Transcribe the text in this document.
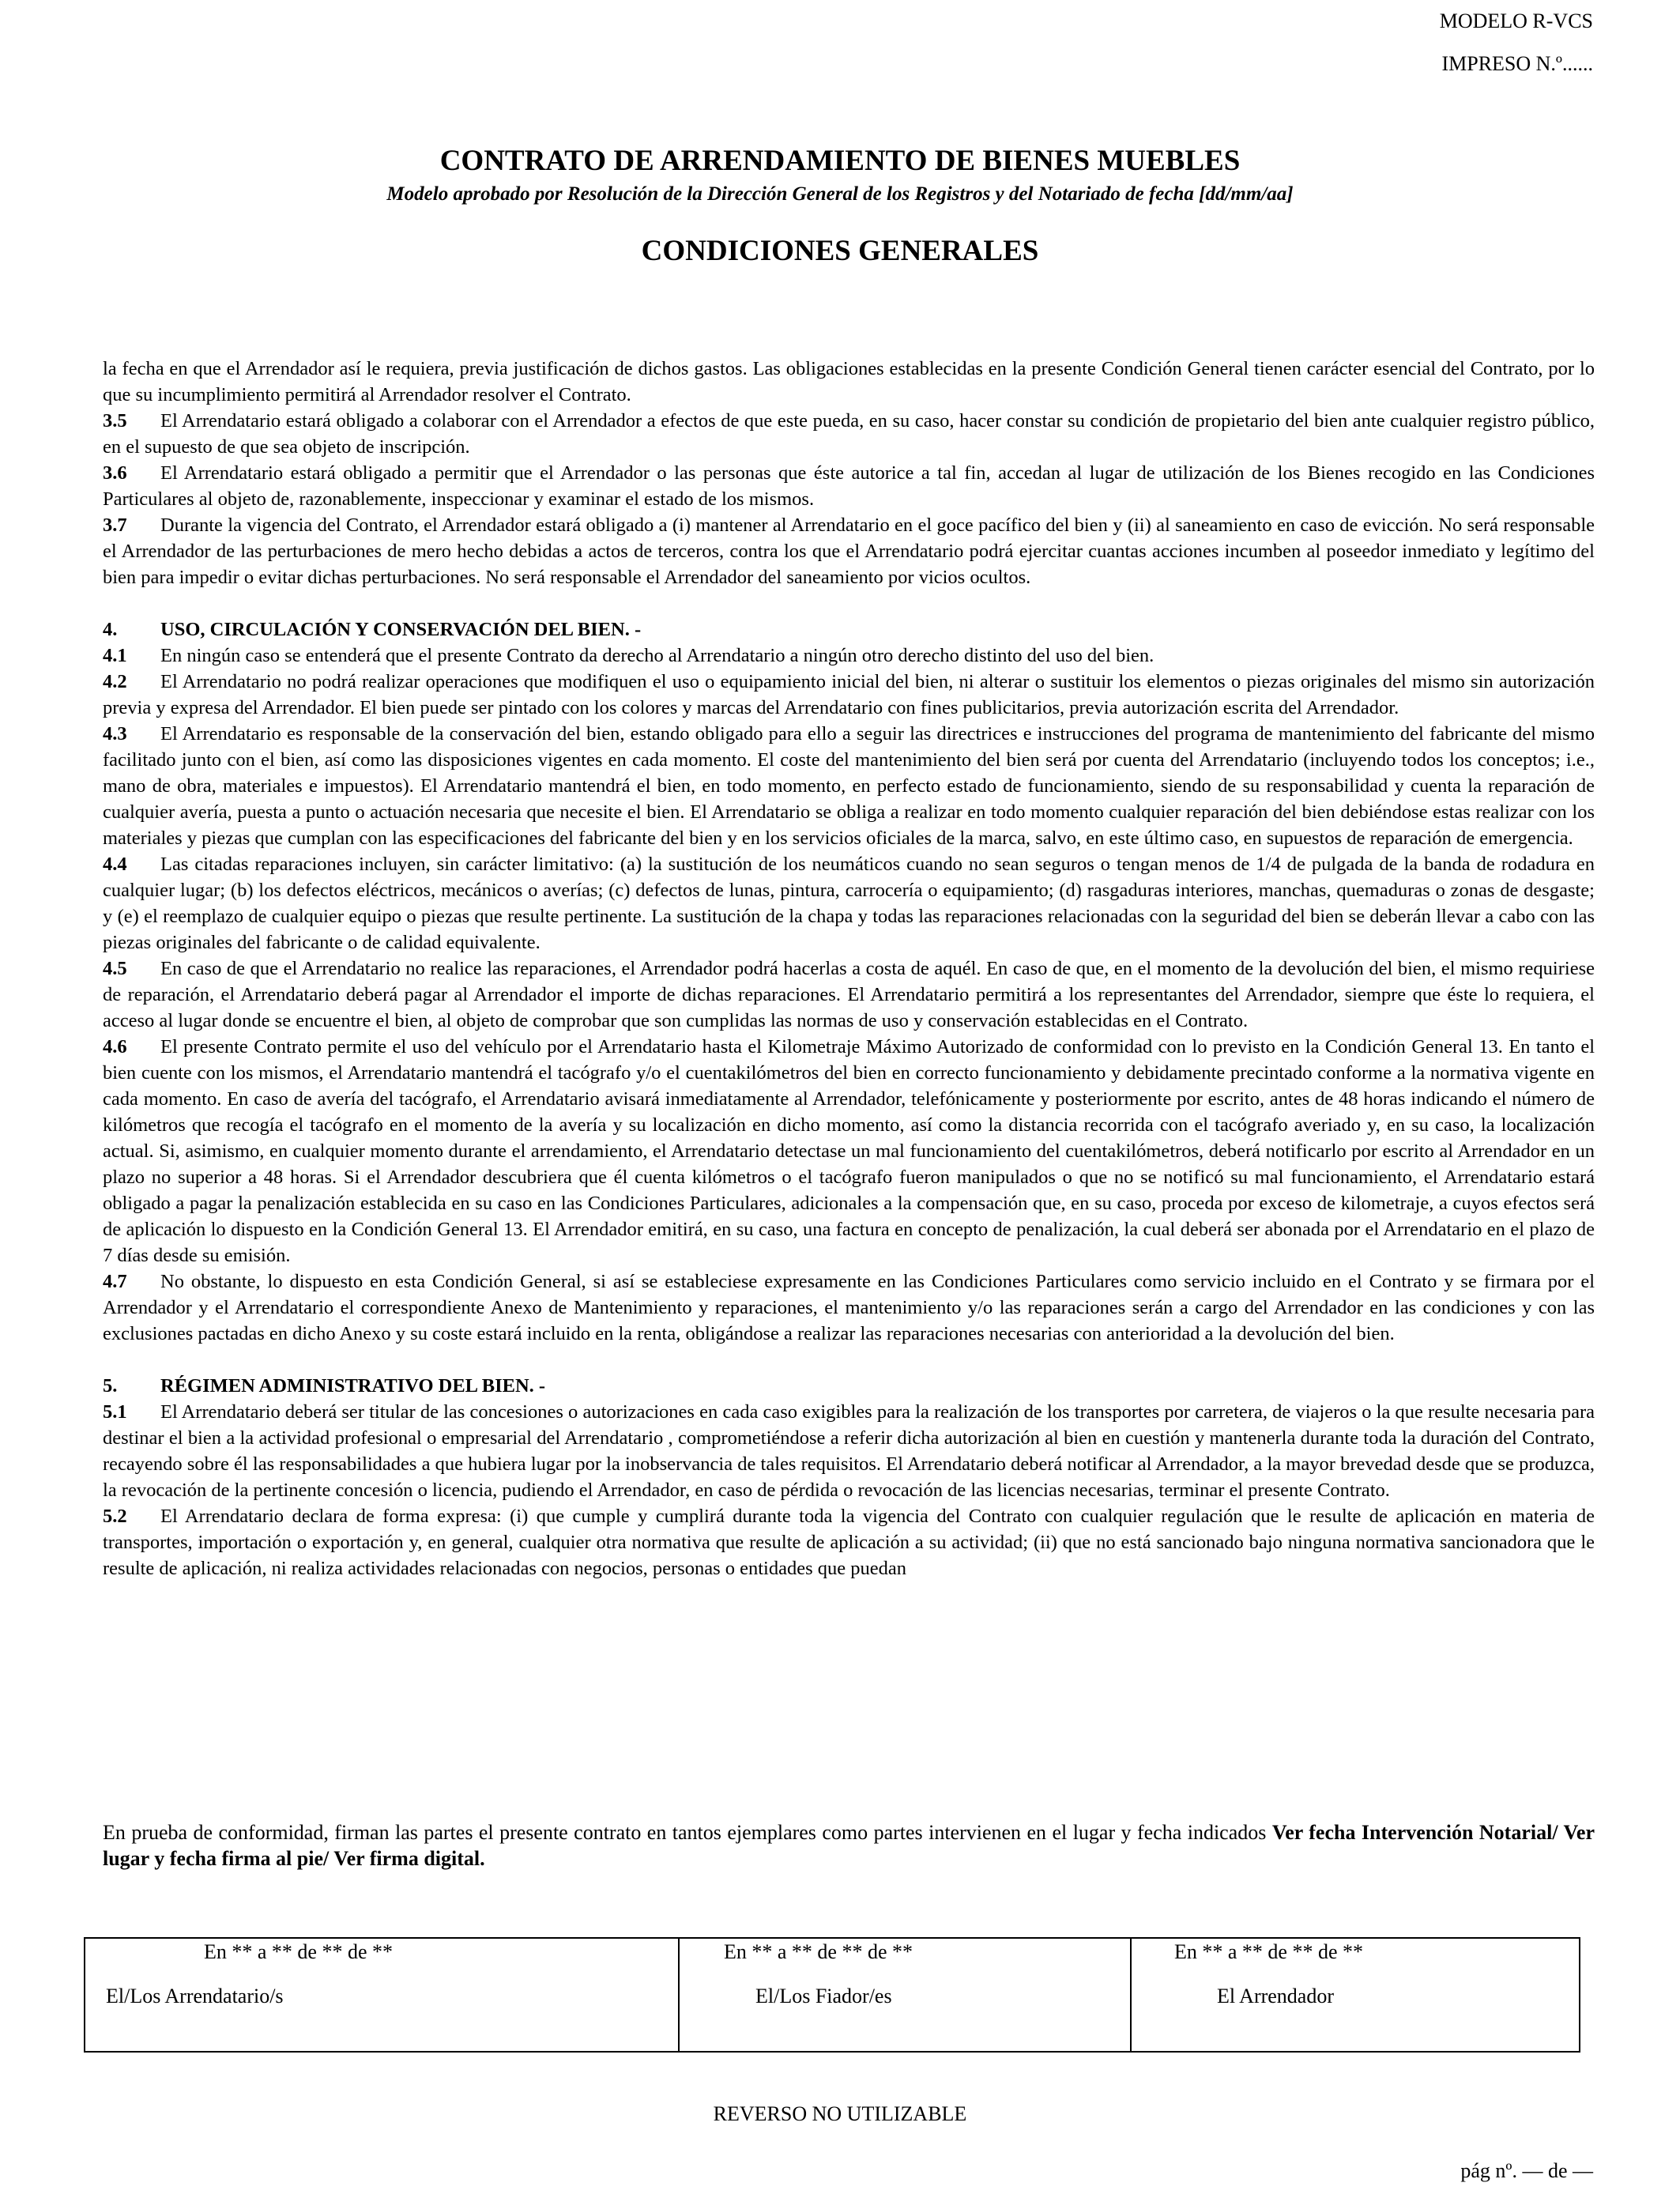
MODELO R-VCS
IMPRESO N.º......
CONTRATO DE ARRENDAMIENTO DE BIENES MUEBLES
Modelo aprobado por Resolución de la Dirección General de los Registros y del Notariado de fecha [dd/mm/aa]
CONDICIONES GENERALES

la fecha en que el Arrendador así le requiera, previa justificación de dichos gastos. Las obligaciones establecidas en la presente Condición General tienen carácter esencial del Contrato, por lo que su incumplimiento permitirá al Arrendador resolver el Contrato.

3.5 El Arrendatario estará obligado a colaborar con el Arrendador a efectos de que este pueda, en su caso, hacer constar su condición de propietario del bien ante cualquier registro público, en el supuesto de que sea objeto de inscripción.

3.6 El Arrendatario estará obligado a permitir que el Arrendador o las personas que éste autorice a tal fin, accedan al lugar de utilización de los Bienes recogido en las Condiciones Particulares al objeto de, razonablemente, inspeccionar y examinar el estado de los mismos.

3.7 Durante la vigencia del Contrato, el Arrendador estará obligado a (i) mantener al Arrendatario en el goce pacífico del bien y (ii) al saneamiento en caso de evicción. No será responsable el Arrendador de las perturbaciones de mero hecho debidas a actos de terceros, contra los que el Arrendatario podrá ejercitar cuantas acciones incumben al poseedor inmediato y legítimo del bien para impedir o evitar dichas perturbaciones. No será responsable el Arrendador del saneamiento por vicios ocultos.

4. USO, CIRCULACIÓN Y CONSERVACIÓN DEL BIEN. -

4.1 En ningún caso se entenderá que el presente Contrato da derecho al Arrendatario a ningún otro derecho distinto del uso del bien.

4.2 El Arrendatario no podrá realizar operaciones que modifiquen el uso o equipamiento inicial del bien, ni alterar o sustituir los elementos o piezas originales del mismo sin autorización previa y expresa del Arrendador. El bien puede ser pintado con los colores y marcas del Arrendatario con fines publicitarios, previa autorización escrita del Arrendador.

4.3 El Arrendatario es responsable de la conservación del bien, estando obligado para ello a seguir las directrices e instrucciones del programa de mantenimiento del fabricante del mismo facilitado junto con el bien, así como las disposiciones vigentes en cada momento. El coste del mantenimiento del bien será por cuenta del Arrendatario (incluyendo todos los conceptos; i.e., mano de obra, materiales e impuestos). El Arrendatario mantendrá el bien, en todo momento, en perfecto estado de funcionamiento, siendo de su responsabilidad y cuenta la reparación de cualquier avería, puesta a punto o actuación necesaria que necesite el bien. El Arrendatario se obliga a realizar en todo momento cualquier reparación del bien debiéndose estas realizar con los materiales y piezas que cumplan con las especificaciones del fabricante del bien y en los servicios oficiales de la marca, salvo, en este último caso, en supuestos de reparación de emergencia.

4.4 Las citadas reparaciones incluyen, sin carácter limitativo: (a) la sustitución de los neumáticos cuando no sean seguros o tengan menos de 1/4 de pulgada de la banda de rodadura en cualquier lugar; (b) los defectos eléctricos, mecánicos o averías; (c) defectos de lunas, pintura, carrocería o equipamiento; (d) rasgaduras interiores, manchas, quemaduras o zonas de desgaste; y (e) el reemplazo de cualquier equipo o piezas que resulte pertinente. La sustitución de la chapa y todas las reparaciones relacionadas con la seguridad del bien se deberán llevar a cabo con las piezas originales del fabricante o de calidad equivalente.

4.5 En caso de que el Arrendatario no realice las reparaciones, el Arrendador podrá hacerlas a costa de aquél. En caso de que, en el momento de la devolución del bien, el mismo requiriese de reparación, el Arrendatario deberá pagar al Arrendador el importe de dichas reparaciones. El Arrendatario permitirá a los representantes del Arrendador, siempre que éste lo requiera, el acceso al lugar donde se encuentre el bien, al objeto de comprobar que son cumplidas las normas de uso y conservación establecidas en el Contrato.

4.6 El presente Contrato permite el uso del vehículo por el Arrendatario hasta el Kilometraje Máximo Autorizado de conformidad con lo previsto en la Condición General 13. En tanto el bien cuente con los mismos, el Arrendatario mantendrá el tacógrafo y/o el cuentakilómetros del bien en correcto funcionamiento y debidamente precintado conforme a la normativa vigente en cada momento. En caso de avería del tacógrafo, el Arrendatario avisará inmediatamente al Arrendador, telefónicamente y posteriormente por escrito, antes de 48 horas indicando el número de kilómetros que recogía el tacógrafo en el momento de la avería y su localización en dicho momento, así como la distancia recorrida con el tacógrafo averiado y, en su caso, la localización actual. Si, asimismo, en cualquier momento durante el arrendamiento, el Arrendatario detectase un mal funcionamiento del cuentakilómetros, deberá notificarlo por escrito al Arrendador en un plazo no superior a 48 horas. Si el Arrendador descubriera que él cuenta kilómetros o el tacógrafo fueron manipulados o que no se notificó su mal funcionamiento, el Arrendatario estará obligado a pagar la penalización establecida en su caso en las Condiciones Particulares, adicionales a la compensación que, en su caso, proceda por exceso de kilometraje, a cuyos efectos será de aplicación lo dispuesto en la Condición General 13. El Arrendador emitirá, en su caso, una factura en concepto de penalización, la cual deberá ser abonada por el Arrendatario en el plazo de 7 días desde su emisión.

4.7 No obstante, lo dispuesto en esta Condición General, si así se estableciese expresamente en las Condiciones Particulares como servicio incluido en el Contrato y se firmara por el Arrendador y el Arrendatario el correspondiente Anexo de Mantenimiento y reparaciones, el mantenimiento y/o las reparaciones serán a cargo del Arrendador en las condiciones y con las exclusiones pactadas en dicho Anexo y su coste estará incluido en la renta, obligándose a realizar las reparaciones necesarias con anterioridad a la devolución del bien.

5. RÉGIMEN ADMINISTRATIVO DEL BIEN. -

5.1 El Arrendatario deberá ser titular de las concesiones o autorizaciones en cada caso exigibles para la realización de los transportes por carretera, de viajeros o la que resulte necesaria para destinar el bien a la actividad profesional o empresarial del Arrendatario , comprometiéndose a referir dicha autorización al bien en cuestión y mantenerla durante toda la duración del Contrato, recayendo sobre él las responsabilidades a que hubiera lugar por la inobservancia de tales requisitos. El Arrendatario deberá notificar al Arrendador, a la mayor brevedad desde que se produzca, la revocación de la pertinente concesión o licencia, pudiendo el Arrendador, en caso de pérdida o revocación de las licencias necesarias, terminar el presente Contrato.

5.2 El Arrendatario declara de forma expresa: (i) que cumple y cumplirá durante toda la vigencia del Contrato con cualquier regulación que le resulte de aplicación en materia de transportes, importación o exportación y, en general, cualquier otra normativa que resulte de aplicación a su actividad; (ii) que no está sancionado bajo ninguna normativa sancionadora que le resulte de aplicación, ni realiza actividades relacionadas con negocios, personas o entidades que puedan

En prueba de conformidad, firman las partes el presente contrato en tantos ejemplares como partes intervienen en el lugar y fecha indicados Ver fecha Intervención Notarial/ Ver lugar y fecha firma al pie/ Ver firma digital.
En ** a ** de ** de **
El/Los Arrendatario/s

En ** a ** de ** de **
El/Los Fiador/es

En ** a ** de ** de **
El Arrendador
REVERSO NO UTILIZABLE
pág nº. — de —
